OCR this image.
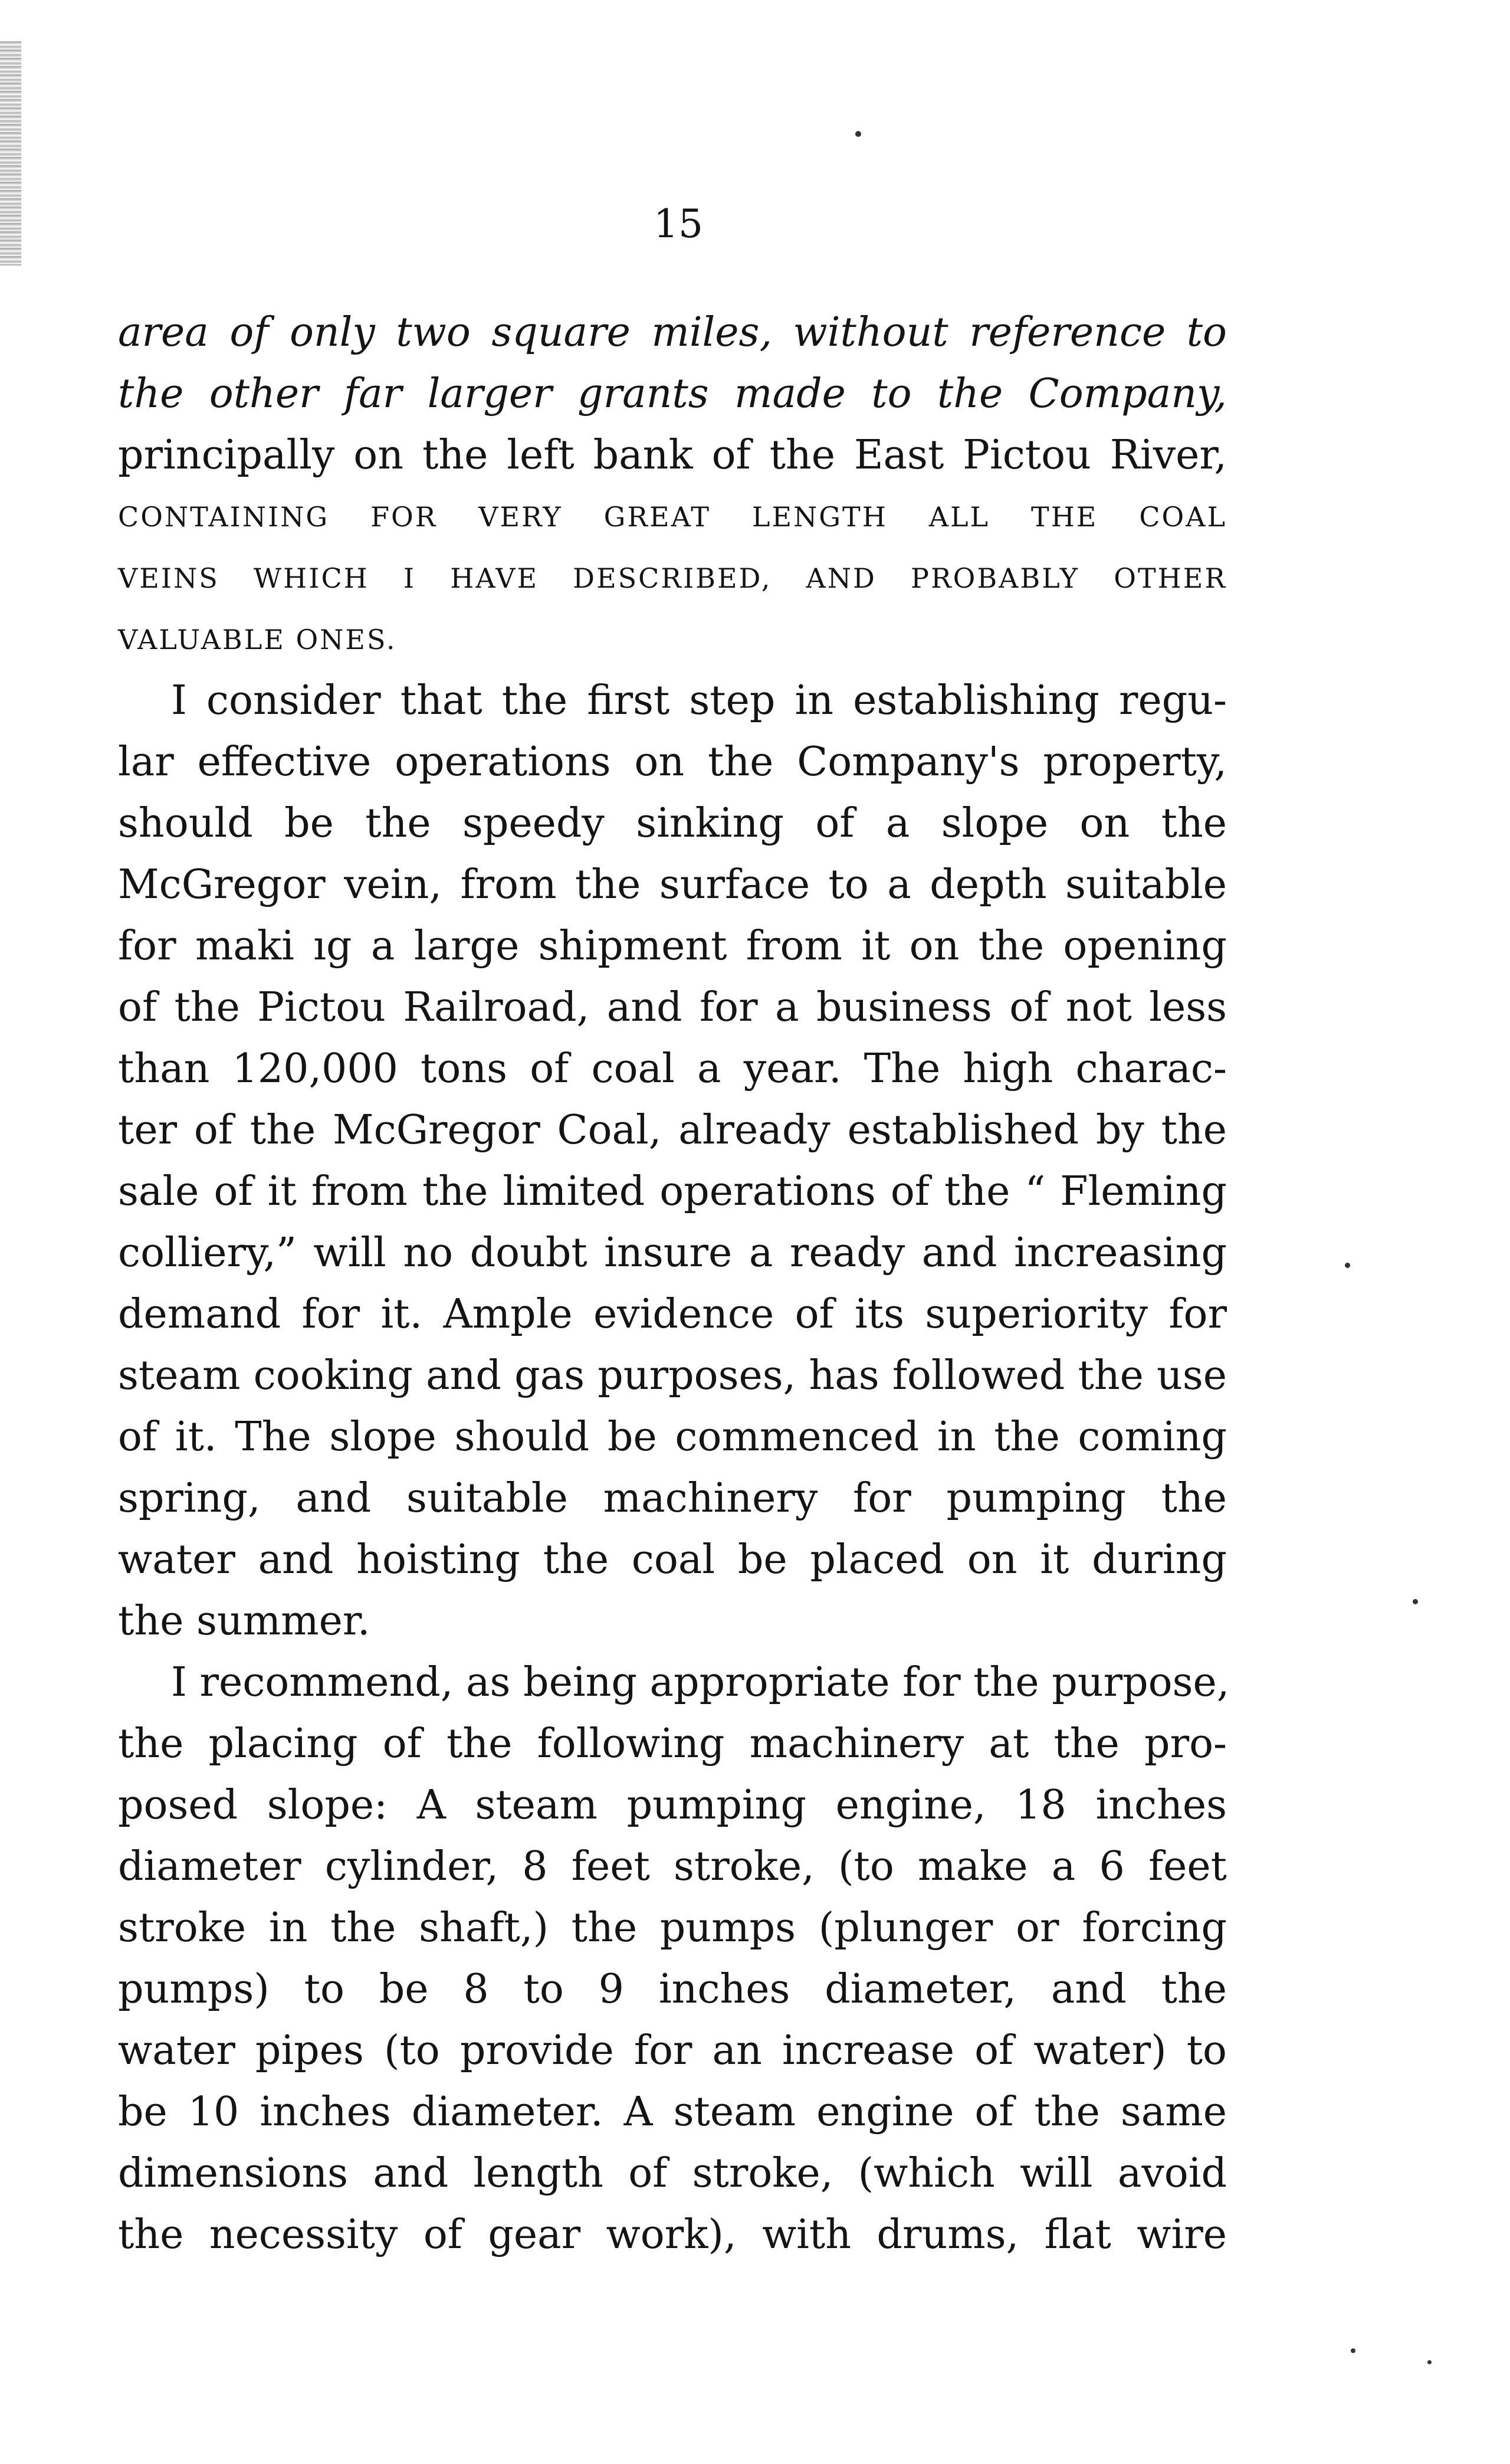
15
area of only two square miles, without reference to
the other far larger grants made to the Company,
principally on the left bank of the East Pictou River,
CONTAINING FOR VERY GREAT LENGTH ALL THE COAL
VEINS WHICH I HAVE DESCRIBED, AND PROBABLY OTHER
VALUABLE ONES.
I consider that the first step in establishing regu-
lar effective operations on the Company's property,
should be the speedy sinking of a slope on the
McGregor vein, from the surface to a depth suitable
for maki ıg a large shipment from it on the opening
of the Pictou Railroad, and for a business of not less
than 120,000 tons of coal a year. The high charac-
ter of the McGregor Coal, already established by the
sale of it from the limited operations of the “ Fleming
colliery,” will no doubt insure a ready and increasing
demand for it. Ample evidence of its superiority for
steam cooking and gas purposes, has followed the use
of it. The slope should be commenced in the coming
spring, and suitable machinery for pumping the
water and hoisting the coal be placed on it during
the summer.
I recommend, as being appropriate for the purpose,
the placing of the following machinery at the pro-
posed slope: A steam pumping engine, 18 inches
diameter cylinder, 8 feet stroke, (to make a 6 feet
stroke in the shaft,) the pumps (plunger or forcing
pumps) to be 8 to 9 inches diameter, and the
water pipes (to provide for an increase of water) to
be 10 inches diameter. A steam engine of the same
dimensions and length of stroke, (which will avoid
the necessity of gear work), with drums, flat wire
